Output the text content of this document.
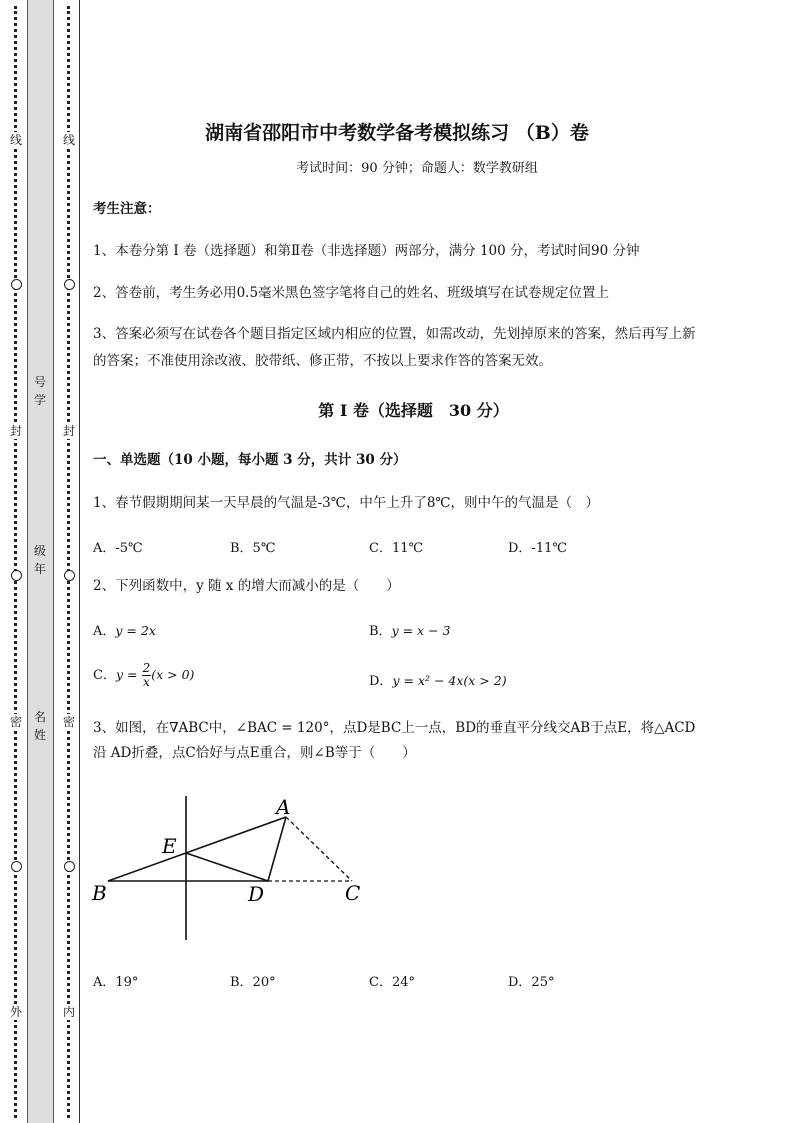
线
封
密
外
线
封
密
内
号
学
级
年
名
姓
湖南省邵阳市中考数学备考模拟练习 （B）卷
考试时间：90 分钟；命题人：数学教研组
考生注意：
1、本卷分第 I 卷（选择题）和第Ⅱ卷（非选择题）两部分，满分 100 分，考试时间90 分钟
2、答卷前，考生务必用0.5毫米黑色签字笔将自己的姓名、班级填写在试卷规定位置上
3、答案必须写在试卷各个题目指定区域内相应的位置，如需改动，先划掉原来的答案，然后再写上新
的答案；不准使用涂改液、胶带纸、修正带，不按以上要求作答的答案无效。
第 I 卷（选择题　30 分）
一、单选题（10 小题，每小题 3 分，共计 30 分）
1、春节假期期间某一天早晨的气温是-3℃，中午上升了8℃，则中午的气温是（　）
A．-5℃	B．5℃	C．11℃	D．-11℃
2、下列函数中，y 随 x 的增大而减小的是（　　）
A．y = 2x	B．y = x − 3
C．$y = \frac{2}{x} (x > 0)$	D．y = x² − 4x(x > 2)
3、如图，在∇ABC中，∠BAC = 120°，点D是BC上一点，BD的垂直平分线交AB于点E，将△ACD
沿 AD折叠，点C恰好与点E重合，则∠B等于（　　）
A
B	C
D
E
A．19°	B．20°	C．24°	D．25°
